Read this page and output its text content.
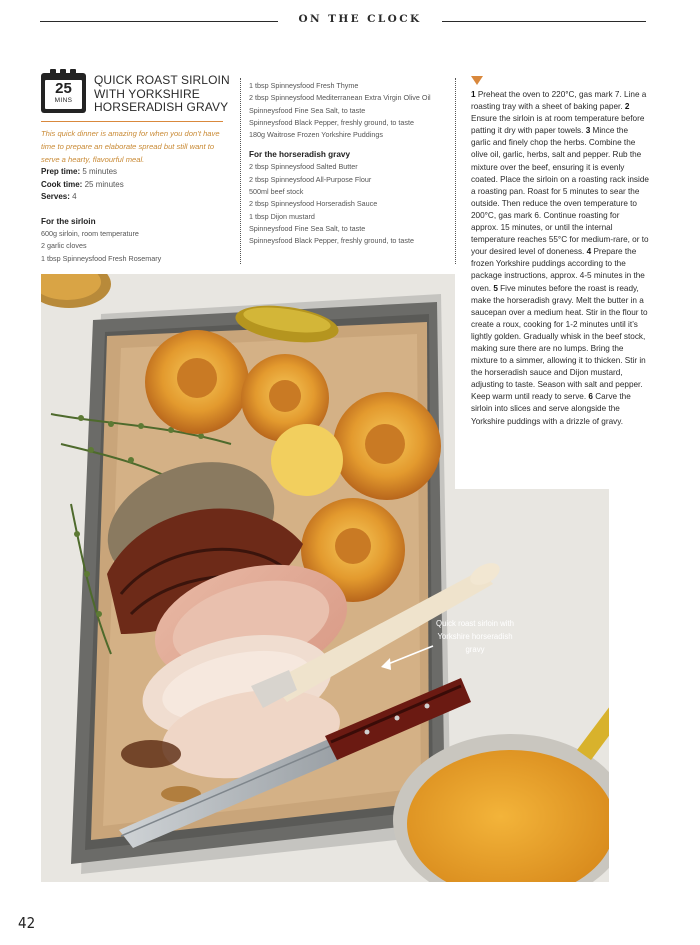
ON THE CLOCK
25
MINS
QUICK ROAST SIRLOIN WITH YORKSHIRE HORSERADISH GRAVY
This quick dinner is amazing for when you don’t have time to prepare an elaborate spread but still want to serve a hearty, flavourful meal.
Prep time: 5 minutes
Cook time: 25 minutes
Serves: 4
For the sirloin
600g sirloin, room temperature
2 garlic cloves
1 tbsp Spinneysfood Fresh Rosemary
1 tbsp Spinneysfood Fresh Thyme
2 tbsp Spinneysfood Mediterranean Extra Virgin Olive Oil
Spinneysfood Fine Sea Salt, to taste
Spinneysfood Black Pepper, freshly ground, to taste
180g Waitrose Frozen Yorkshire Puddings
For the horseradish gravy
2 tbsp Spinneysfood Salted Butter
2 tbsp Spinneysfood All-Purpose Flour
500ml beef stock
2 tbsp Spinneysfood Horseradish Sauce
1 tbsp Dijon mustard
Spinneysfood Fine Sea Salt, to taste
Spinneysfood Black Pepper, freshly ground, to taste
1 Preheat the oven to 220°C, gas mark 7. Line a roasting tray with a sheet of baking paper. 2 Ensure the sirloin is at room temperature before patting it dry with paper towels. 3 Mince the garlic and finely chop the herbs. Combine the olive oil, garlic, herbs, salt and pepper. Rub the mixture over the beef, ensuring it is evenly coated. Place the sirloin on a roasting rack inside a roasting pan. Roast for 5 minutes to sear the outside. Then reduce the oven temperature to 200°C, gas mark 6. Continue roasting for approx. 15 minutes, or until the internal temperature reaches 55°C for medium-rare, or to your desired level of doneness. 4 Prepare the frozen Yorkshire puddings according to the package instructions, approx. 4-5 minutes in the oven. 5 Five minutes before the roast is ready, make the horseradish gravy. Melt the butter in a saucepan over a medium heat. Stir in the flour to create a roux, cooking for 1-2 minutes until it’s lightly golden. Gradually whisk in the beef stock, making sure there are no lumps. Bring the mixture to a simmer, allowing it to thicken. Stir in the horseradish sauce and Dijon mustard, adjusting to taste. Season with salt and pepper. Keep warm until ready to serve. 6 Carve the sirloin into slices and serve alongside the Yorkshire puddings with a drizzle of gravy.
Quick roast sirloin with Yorkshire horseradish gravy
42
